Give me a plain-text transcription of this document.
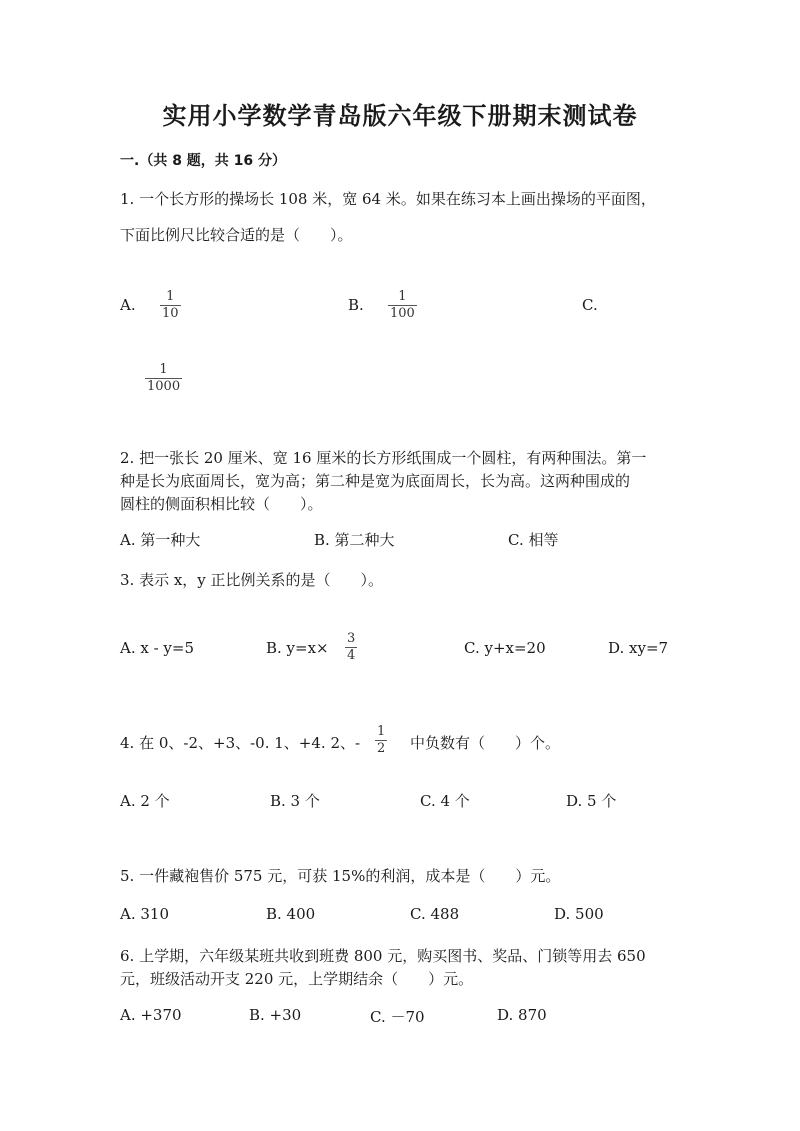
实用小学数学青岛版六年级下册期末测试卷
一.（共 8 题，共 16 分）
1. 一个长方形的操场长 108 米，宽 64 米。如果在练习本上画出操场的平面图，
下面比例尺比较合适的是（　　）。
A. 1
10	B.	1
100	C.
1
1000
2. 把一张长 20 厘米、宽 16 厘米的长方形纸围成一个圆柱，有两种围法。第一
种是长为底面周长，宽为高；第二种是宽为底面周长，长为高。这两种围成的
圆柱的侧面积相比较（　　）。
A. 第一种大	B. 第二种大	C. 相等
3. 表示 x，y 正比例关系的是（　　）。
A. x - y=5	B. y=x×
3
4	C. y+x=20	D. xy=7
4. 在 0、-2、+3、-0. 1、+4. 2、-
1
2 中负数有（　　）个。
A. 2 个	B. 3 个	C. 4 个	D. 5 个
5. 一件藏袍售价 575 元，可获 15%的利润，成本是（　　）元。
A. 310	B. 400	C. 488	D. 500
6. 上学期，六年级某班共收到班费 800 元，购买图书、奖品、门锁等用去 650
元，班级活动开支 220 元，上学期结余（　　）元。
A. +370	B. +30	C. －70	D. 870
